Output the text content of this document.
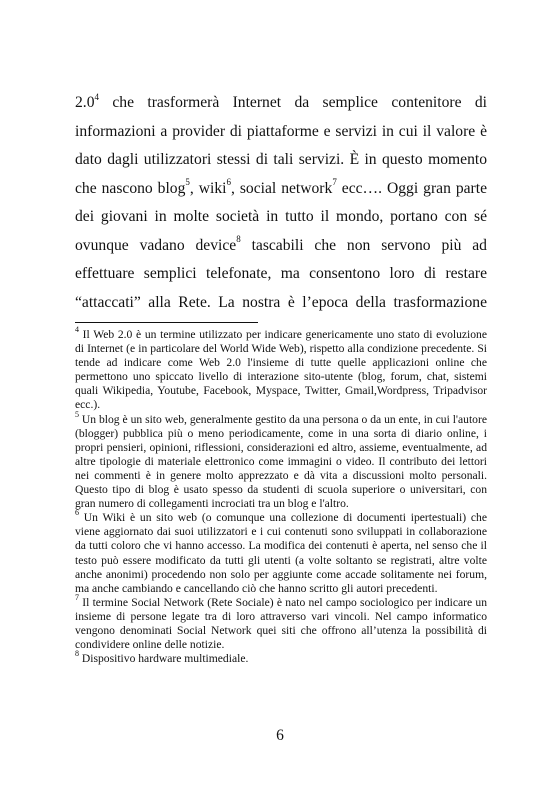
$2.0^4$ che trasformerà Internet da semplice contenitore di
informazioni a provider di piattaforme e servizi in cui il valore è
dato dagli utilizzatori stessi di tali servizi. È in questo momento
che nascono blog$^5$, wiki$^6$, social network$^7$ ecc…. Oggi gran parte
dei giovani in molte società in tutto il mondo, portano con sé
ovunque vadano device$^8$ tascabili che non servono più ad
effettuare semplici telefonate, ma consentono loro di restare
“attaccati” alla Rete. La nostra è l’epoca della trasformazione
$^4$ Il Web 2.0 è un termine utilizzato per indicare genericamente uno stato di evoluzione di Internet (e in particolare del World Wide Web), rispetto alla condizione precedente. Si tende ad indicare come Web 2.0 l'insieme di tutte quelle applicazioni online che permettono uno spiccato livello di interazione sito-utente (blog, forum, chat, sistemi quali Wikipedia, Youtube, Facebook, Myspace, Twitter, Gmail,Wordpress, Tripadvisor ecc.).
$^5$ Un blog è un sito web, generalmente gestito da una persona o da un ente, in cui l'autore (blogger) pubblica più o meno periodicamente, come in una sorta di diario online, i propri pensieri, opinioni, riflessioni, considerazioni ed altro, assieme, eventualmente, ad altre tipologie di materiale elettronico come immagini o video. Il contributo dei lettori nei commenti è in genere molto apprezzato e dà vita a discussioni molto personali. Questo tipo di blog è usato spesso da studenti di scuola superiore o universitari, con gran numero di collegamenti incrociati tra un blog e l'altro.
$^6$ Un Wiki è un sito web (o comunque una collezione di documenti ipertestuali) che viene aggiornato dai suoi utilizzatori e i cui contenuti sono sviluppati in collaborazione da tutti coloro che vi hanno accesso. La modifica dei contenuti è aperta, nel senso che il testo può essere modificato da tutti gli utenti (a volte soltanto se registrati, altre volte anche anonimi) procedendo non solo per aggiunte come accade solitamente nei forum, ma anche cambiando e cancellando ciò che hanno scritto gli autori precedenti.
$^7$ Il termine Social Network (Rete Sociale) è nato nel campo sociologico per indicare un insieme di persone legate tra di loro attraverso vari vincoli. Nel campo informatico vengono denominati Social Network quei siti che offrono all’utenza la possibilità di condividere online delle notizie.
$^8$ Dispositivo hardware multimediale.
6
